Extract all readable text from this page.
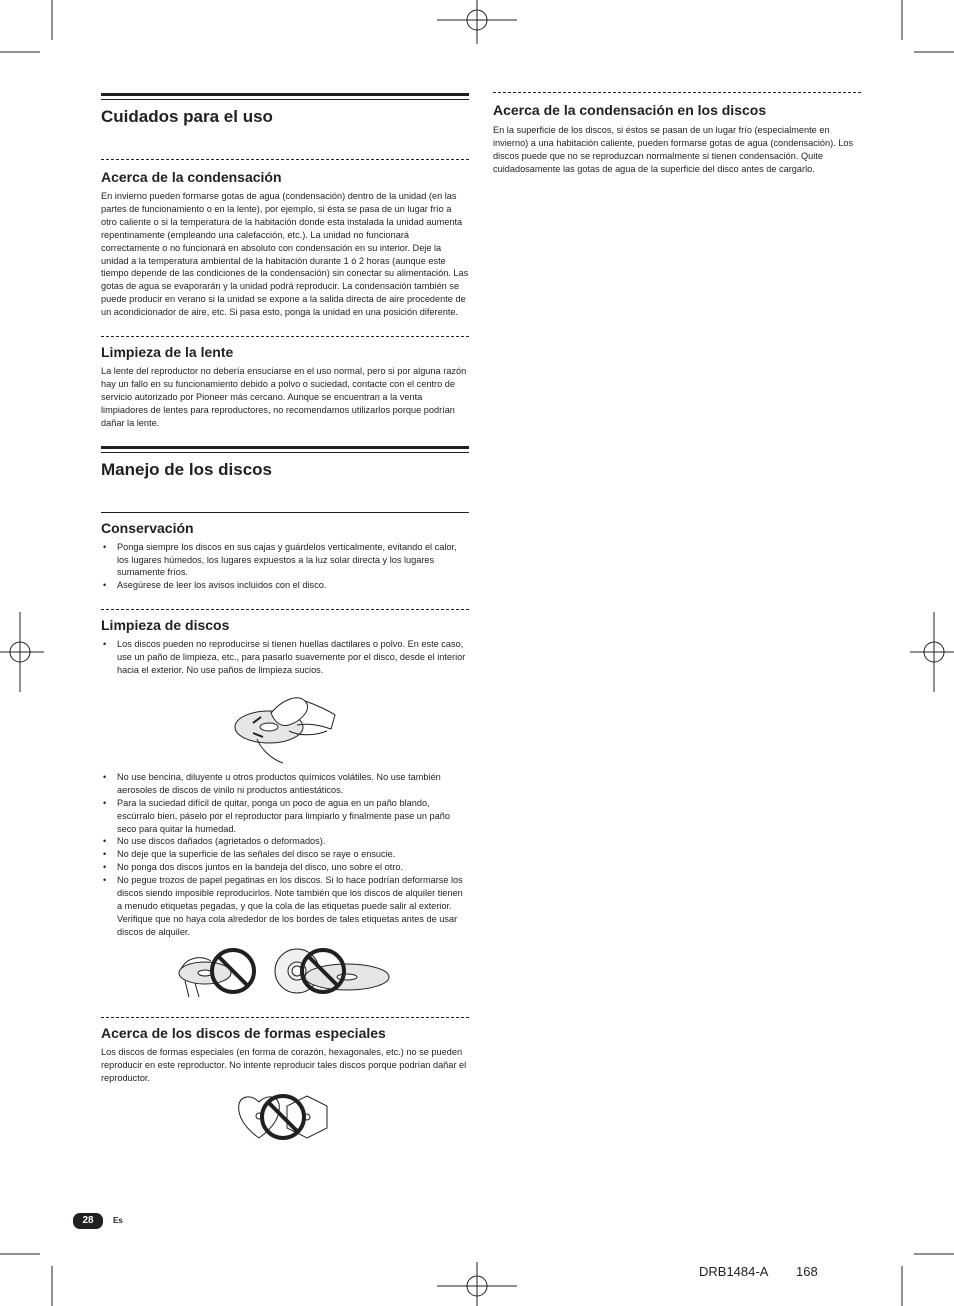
Cuidados para el uso
Acerca de la condensación

En invierno pueden formarse gotas de agua (condensación) dentro de la unidad (en las partes de funcionamiento o en la lente), por ejemplo, si ésta se pasa de un lugar frío a otro caliente o si la temperatura de la habitación donde esta instalada la unidad aumenta repentinamente (empleando una calefacción, etc.). La unidad no funcionará correctamente o no funcionará en absoluto con condensación en su interior. Deje la unidad a la temperatura ambiental de la habitación durante 1 ó 2 horas (aunque este tiempo depende de las condiciones de la condensación) sin conectar su alimentación. Las gotas de agua se evaporarán y la unidad podrá reproducir. La condensación también se puede producir en verano si la unidad se expone a la salida directa de aire procedente de un acondicionador de aire, etc. Si pasa esto, ponga la unidad en una posición diferente.

Limpieza de la lente

La lente del reproductor no debería ensuciarse en el uso normal, pero si por alguna razón hay un fallo en su funcionamiento debido a polvo o suciedad, contacte con el centro de servicio autorizado por Pioneer más cercano. Aunque se encuentran a la venta limpiadores de lentes para reproductores, no recomendamos utilizarlos porque podrían dañar la lente.

Manejo de los discos
Conservación
• Ponga siempre los discos en sus cajas y guárdelos verticalmente, evitando el calor, los lugares húmedos, los lugares expuestos a la luz solar directa y los lugares sumamente fríos.
• Asegúrese de leer los avisos incluidos con el disco.
Limpieza de discos
• Los discos pueden no reproducirse si tienen huellas dactilares o polvo. En este caso, use un paño de limpieza, etc., para pasarlo suavemente por el disco, desde el interior hacia el exterior. No use paños de limpieza sucios.
• No use bencina, diluyente u otros productos químicos volátiles. No use también aerosoles de discos de vinilo ni productos antiestáticos.
• Para la suciedad difícil de quitar, ponga un poco de agua en un paño blando, escúrralo bien, páselo por el reproductor para limpiarlo y finalmente pase un paño seco para quitar la humedad.
• No use discos dañados (agrietados o deformados).
• No deje que la superficie de las señales del disco se raye o ensucie.
• No ponga dos discos juntos en la bandeja del disco, uno sobre el otro.
• No pegue trozos de papel pegatinas en los discos. Si lo hace podrían deformarse los discos siendo imposible reproducirlos. Note también que los discos de alquiler tienen a menudo etiquetas pegadas, y que la cola de las etiquetas puede salir al exterior. Verifique que no haya cola alrededor de los bordes de tales etiquetas antes de usar discos de alquiler.
Acerca de los discos de formas especiales

Los discos de formas especiales (en forma de corazón, hexagonales, etc.) no se pueden reproducir en este reproductor. No intente reproducir tales discos porque podrían dañar el reproductor.

Acerca de la condensación en los discos

En la superficie de los discos, si éstos se pasan de un lugar frío (especialmente en invierno) a una habitación caliente, pueden formarse gotas de agua (condensación). Los discos puede que no se reproduzcan normalmente si tienen condensación. Quite cuidadosamente las gotas de agua de la superficie del disco antes de cargarlo.

28	Es
DRB1484-A 168
